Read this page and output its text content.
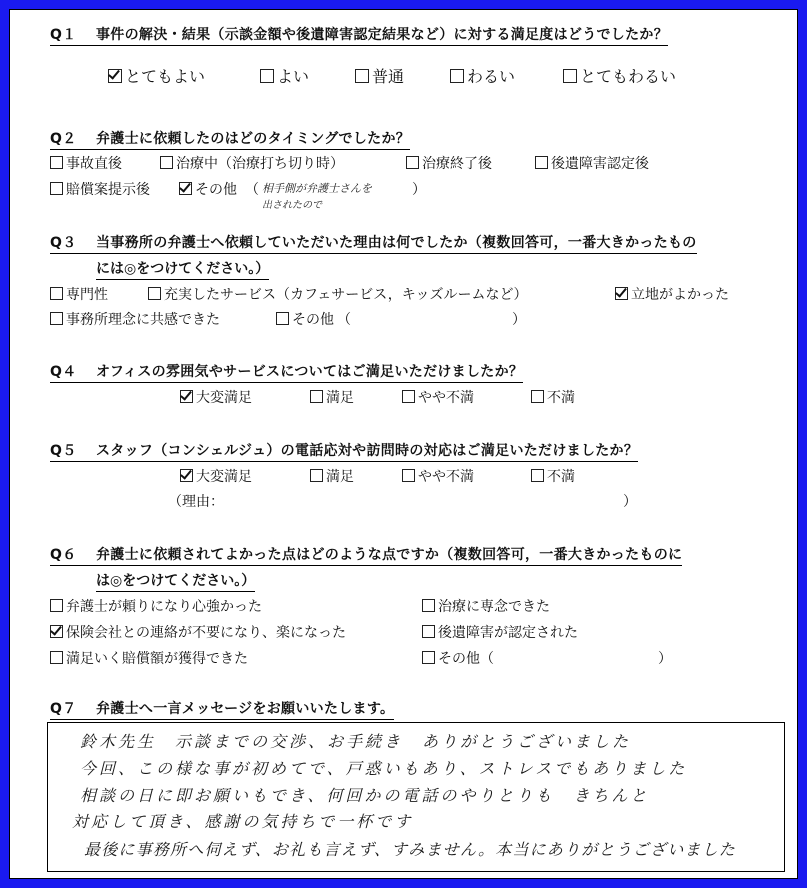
Q１ 事件の解決・結果（示談金額や後遺障害認定結果など）に対する満足度はどうでしたか？
とてもよい	よい	普通	わるい	とてもわるい
Q２ 弁護士に依頼したのはどのタイミングでしたか？
事故直後	治療中（治療打ち切り時）	治療終了後	後遺障害認定後
賠償案提示後	その他 （ 相手側が弁護士さんを	）
出されたので
Q３ 当事務所の弁護士へ依頼していただいた理由は何でしたか（複数回答可，一番大きかったもの
には◎をつけてください。）
専門性	充実したサービス（カフェサービス，キッズルームなど）	立地がよかった
事務所理念に共感できた	その他 （	）
Q４ オフィスの雰囲気やサービスについてはご満足いただけましたか？
大変満足	満足	やや不満	不満
Q５ スタッフ（コンシェルジュ）の電話応対や訪問時の対応はご満足いただけましたか？
大変満足	満足	やや不満	不満
（理由：	）
Q６ 弁護士に依頼されてよかった点はどのような点ですか（複数回答可，一番大きかったものに
は◎をつけてください。）
弁護士が頼りになり心強かった	治療に専念できた
保険会社との連絡が不要になり、楽になった	後遺障害が認定された
満足いく賠償額が獲得できた	その他 （	）
Q７ 弁護士へ一言メッセージをお願いいたします。
鈴木先生　示談までの交渉、お手続き　ありがとうございました
今回、この様な事が初めてで、戸惑いもあり、ストレスでもありました
相談の日に即お願いもでき、何回かの電話のやりとりも　きちんと
対応して頂き、感謝の気持ちで一杯です
最後に事務所へ伺えず、お礼も言えず、すみません。本当にありがとうございました
